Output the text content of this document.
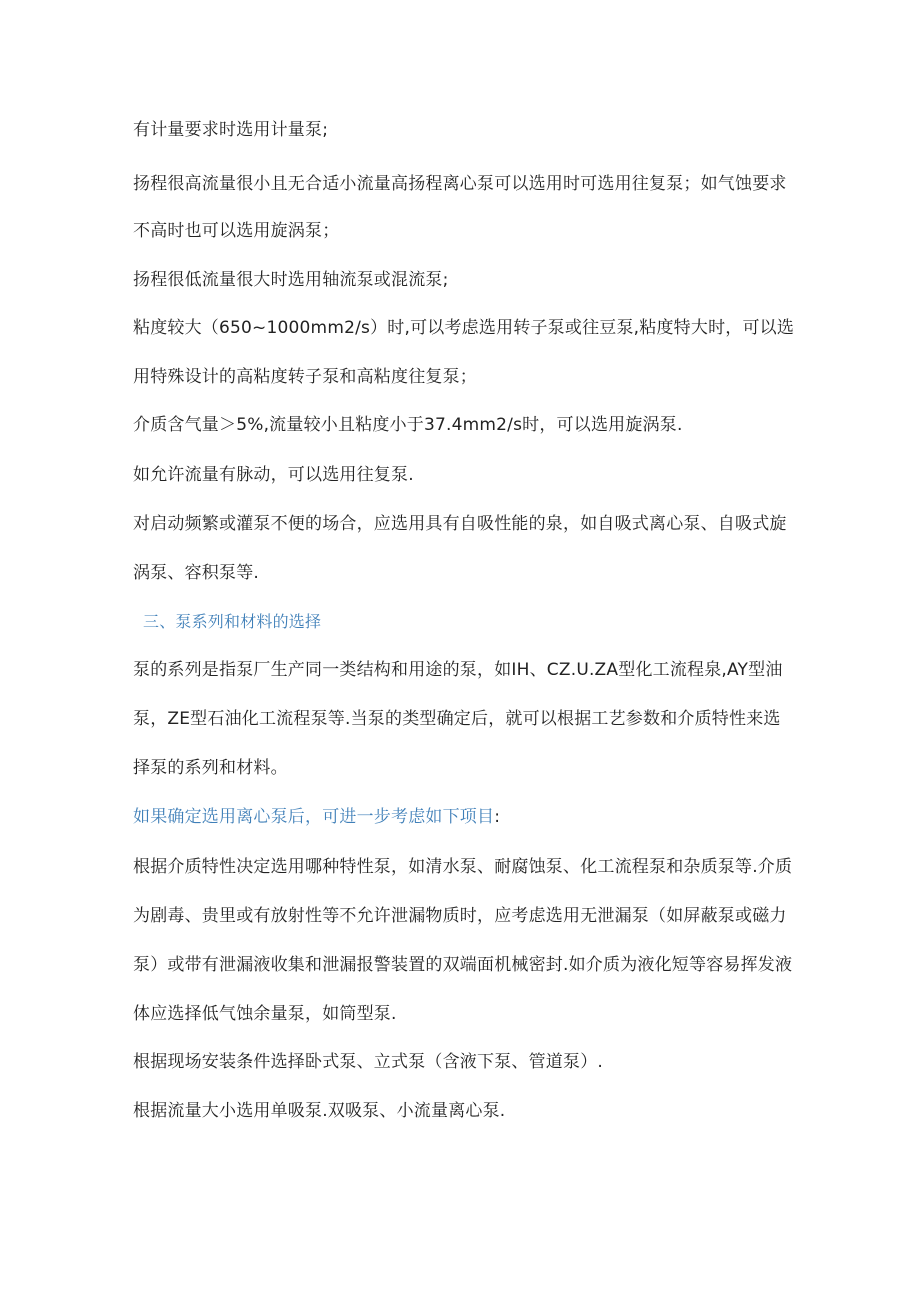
有计量要求时选用计量泵;
扬程很高流量很小且无合适小流量高扬程离心泵可以选用时可选用往复泵；如气蚀要求
不高时也可以选用旋涡泵；
扬程很低流量很大时选用轴流泵或混流泵;
粘度较大（650~1000mm2∕s）时,可以考虑选用转子泵或往豆泵,粘度特大时，可以选
用特殊设计的高粘度转子泵和高粘度往复泵；
介质含气量＞5%,流量较小且粘度小于37.4mm2∕s时，可以选用旋涡泵.
如允许流量有脉动，可以选用往复泵.
对启动频繁或灌泵不便的场合，应选用具有自吸性能的泉，如自吸式离心泵、自吸式旋
涡泵、容积泵等.
三、泵系列和材料的选择
泵的系列是指泵厂生产同一类结构和用途的泵，如IH、CZ.U.ZA型化工流程泉,AY型油
泵，ZE型石油化工流程泵等.当泵的类型确定后，就可以根据工艺参数和介质特性来选
择泵的系列和材料。
如果确定选用离心泵后，可进一步考虑如下项目:
根据介质特性决定选用哪种特性泵，如清水泵、耐腐蚀泵、化工流程泵和杂质泵等.介质
为剧毒、贵里或有放射性等不允许泄漏物质时，应考虑选用无泄漏泵（如屏蔽泵或磁力
泵）或带有泄漏液收集和泄漏报警装置的双端面机械密封.如介质为液化短等容易挥发液
体应选择低气蚀余量泵，如筒型泵.
根据现场安装条件选择卧式泵、立式泵（含液下泵、管道泵）.
根据流量大小选用单吸泵.双吸泵、小流量离心泵.
